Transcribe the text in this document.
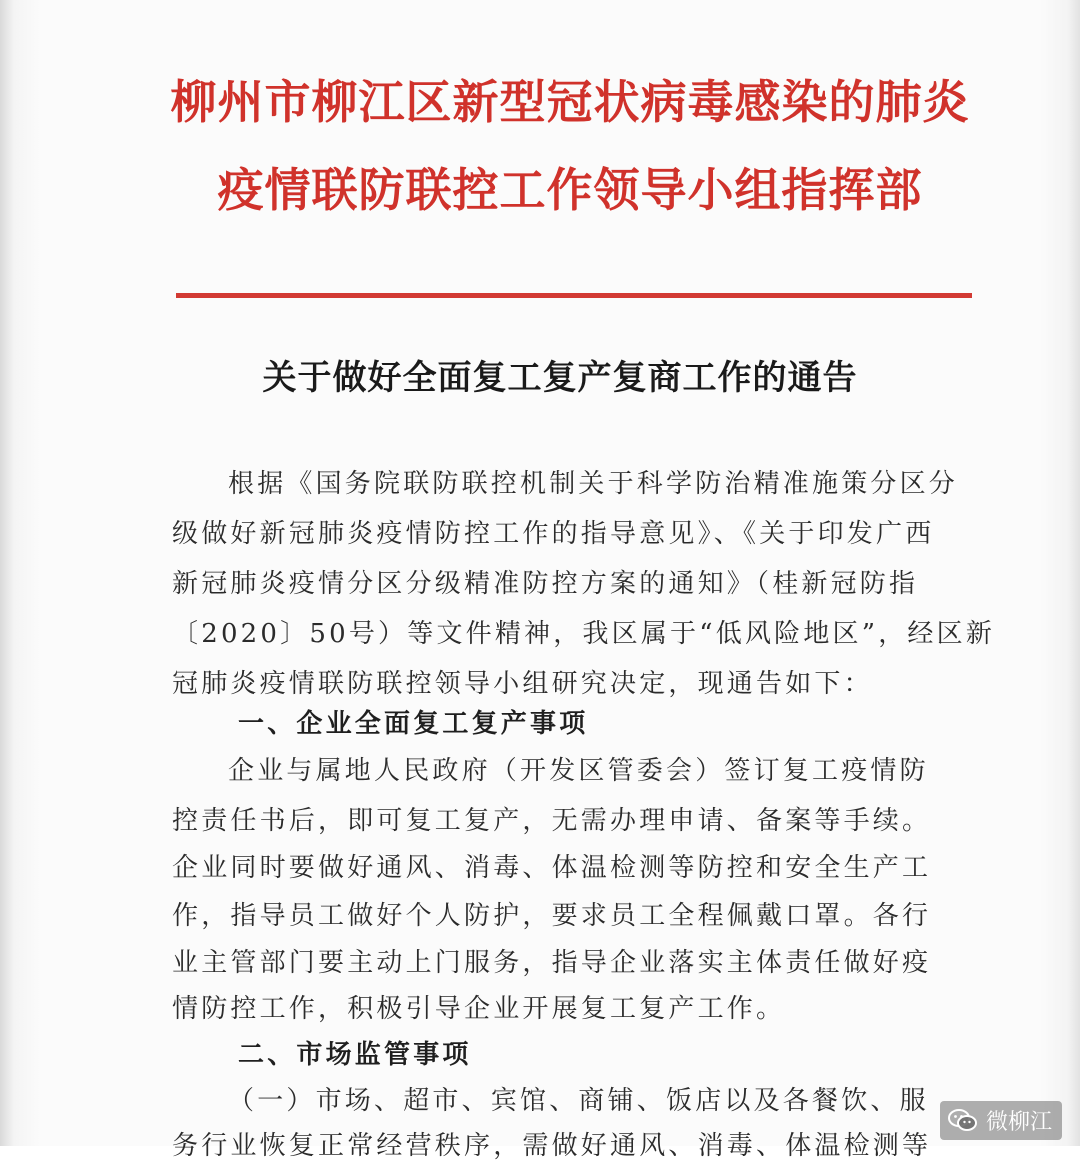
柳州市柳江区新型冠状病毒感染的肺炎
疫情联防联控工作领导小组指挥部
关于做好全面复工复产复商工作的通告
根据《国务院联防联控机制关于科学防治精准施策分区分
级做好新冠肺炎疫情防控工作的指导意见》、《关于印发广西
新冠肺炎疫情分区分级精准防控方案的通知》（桂新冠防指
〔2020〕50号）等文件精神，我区属于“低风险地区”，经区新
冠肺炎疫情联防联控领导小组研究决定，现通告如下：
一、企业全面复工复产事项
企业与属地人民政府（开发区管委会）签订复工疫情防
控责任书后，即可复工复产，无需办理申请、备案等手续。
企业同时要做好通风、消毒、体温检测等防控和安全生产工
作，指导员工做好个人防护，要求员工全程佩戴口罩。各行
业主管部门要主动上门服务，指导企业落实主体责任做好疫
情防控工作，积极引导企业开展复工复产工作。
二、市场监管事项
（一）市场、超市、宾馆、商铺、饭店以及各餐饮、服
务行业恢复正常经营秩序，需做好通风、消毒、体温检测等
微柳江
